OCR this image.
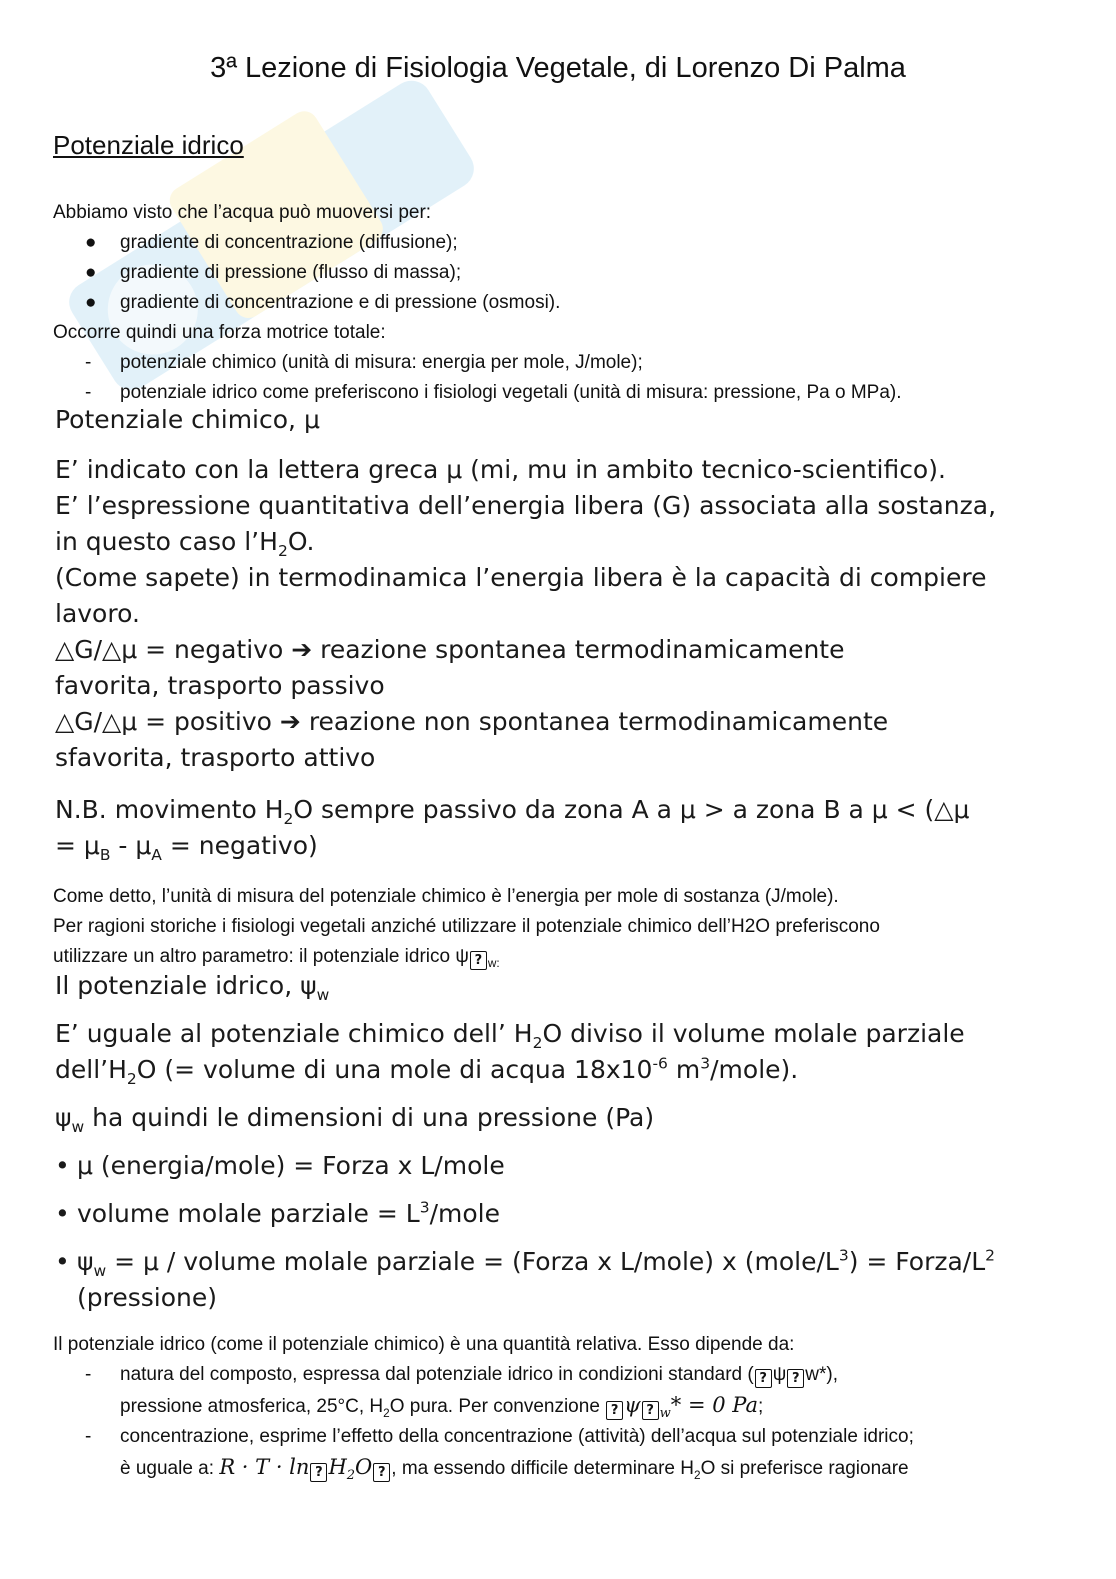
3ª Lezione di Fisiologia Vegetale, di Lorenzo Di Palma
Potenziale idrico
Abbiamo visto che l’acqua può muoversi per:
● gradiente di concentrazione (diffusione);
● gradiente di pressione (flusso di massa);
● gradiente di concentrazione e di pressione (osmosi).
Occorre quindi una forza motrice totale:
- potenziale chimico (unità di misura: energia per mole, J/mole);
- potenziale idrico come preferiscono i fisiologi vegetali (unità di misura: pressione, Pa o MPa).
Potenziale chimico, μ
E’ indicato con la lettera greca μ (mi, mu in ambito tecnico-scientifico).
E’ l’espressione quantitativa dell’energia libera (G) associata alla sostanza,
in questo caso $l’H_2O$.
(Come sapete) in termodinamica l’energia libera è la capacità di compiere
lavoro.
△G/△μ = negativo ➔ reazione spontanea termodinamicamente
favorita, trasporto passivo
△G/△μ = positivo ➔ reazione non spontanea termodinamicamente
sfavorita, trasporto attivo
N.B. movimento $H_2O$ sempre passivo da zona A a μ > a zona B a μ < (△μ
= $\mu_B - \mu_A$ = negativo)
Come detto, l’unità di misura del potenziale chimico è l’energia per mole di sostanza (J/mole).
Per ragioni storiche i fisiologi vegetali anziché utilizzare il potenziale chimico dell’H2O preferiscono
utilizzare un altro parametro: il potenziale idrico ψ ? $_{w:}$
Il potenziale idrico, $\psi_w$
E’ uguale al potenziale chimico dell’ $H_2O$ diviso il volume molale parziale
$dell’H_2O$ (= volume di una mole di acqua $18x10^{-6}$ $m^3/mole$).
$\psi_w$ ha quindi le dimensioni di una pressione (Pa)
• μ (energia/mole) = Forza x L/mole
• volume molale parziale = $L^3$/mole
• $\psi_w = \mu$ / volume molale parziale = (Forza x L/mole) x $(mole/L^3)$ = Forza/$L^2$
(pressione)
Il potenziale idrico (come il potenziale chimico) è una quantità relativa. Esso dipende da:
- natura del composto, espressa dal potenziale idrico in condizioni standard ( ? ψ ? w*),
pressione atmosferica, 25°C, $H_2O$ pura. Per convenzione ? ψ ? $_w$* = 0 Pa;
- concentrazione, esprime l’effetto della concentrazione (attività) dell’acqua sul potenziale idrico;
è uguale a: R · T · ln ? $H_2O$ ? , ma essendo difficile determinare $H_2O$ si preferisce ragionare
